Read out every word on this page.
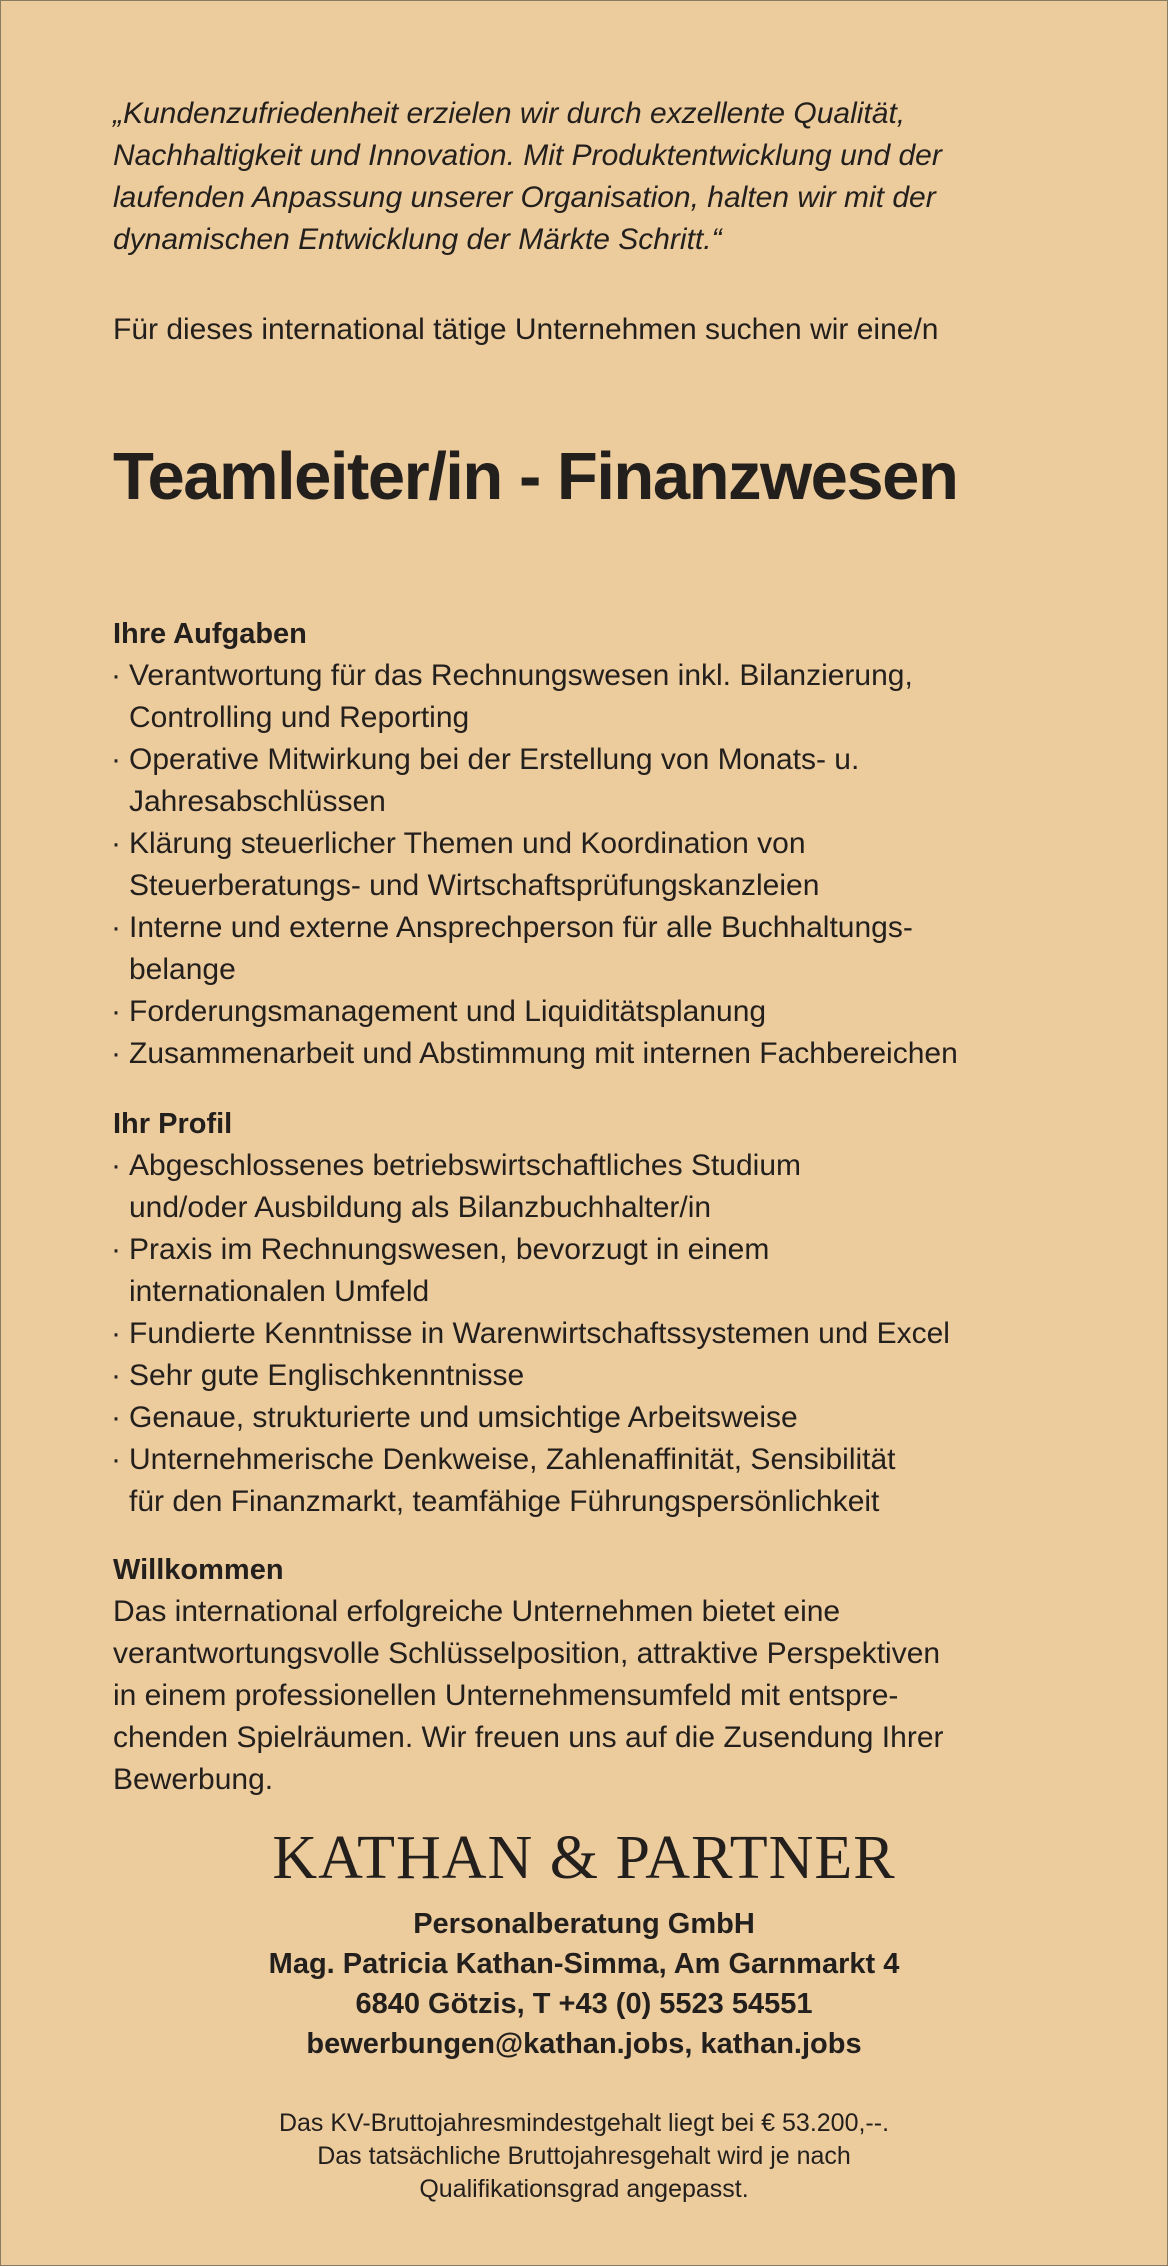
„Kundenzufriedenheit erzielen wir durch exzellente Qualität,
Nachhaltigkeit und Innovation. Mit Produktentwicklung und der
laufenden Anpassung unserer Organisation, halten wir mit der
dynamischen Entwicklung der Märkte Schritt.“

Für dieses international tätige Unternehmen suchen wir eine/n

Teamleiter/in - Finanzwesen
Ihre Aufgaben
· Verantwortung für das Rechnungswesen inkl. Bilanzierung,
Controlling und Reporting
· Operative Mitwirkung bei der Erstellung von Monats- u.
Jahresabschlüssen
· Klärung steuerlicher Themen und Koordination von
Steuerberatungs- und Wirtschaftsprüfungskanzleien
· Interne und externe Ansprechperson für alle Buchhaltungs-
belange
· Forderungsmanagement und Liquiditätsplanung
· Zusammenarbeit und Abstimmung mit internen Fachbereichen
Ihr Profil
· Abgeschlossenes betriebswirtschaftliches Studium
und/oder Ausbildung als Bilanzbuchhalter/in
· Praxis im Rechnungswesen, bevorzugt in einem
internationalen Umfeld
· Fundierte Kenntnisse in Warenwirtschaftssystemen und Excel
· Sehr gute Englischkenntnisse
· Genaue, strukturierte und umsichtige Arbeitsweise
· Unternehmerische Denkweise, Zahlenaffinität, Sensibilität
für den Finanzmarkt, teamfähige Führungspersönlichkeit
Willkommen

Das international erfolgreiche Unternehmen bietet eine
verantwortungsvolle Schlüsselposition, attraktive Perspektiven
in einem professionellen Unternehmensumfeld mit entspre-
chenden Spielräumen. Wir freuen uns auf die Zusendung Ihrer
Bewerbung.

KATHAN & PARTNER
Personalberatung GmbH
Mag. Patricia Kathan-Simma, Am Garnmarkt 4
6840 Götzis, T +43 (0) 5523 54551
bewerbungen@kathan.jobs, kathan.jobs
Das KV-Bruttojahresmindestgehalt liegt bei € 53.200,--.
Das tatsächliche Bruttojahresgehalt wird je nach
Qualifikationsgrad angepasst.
